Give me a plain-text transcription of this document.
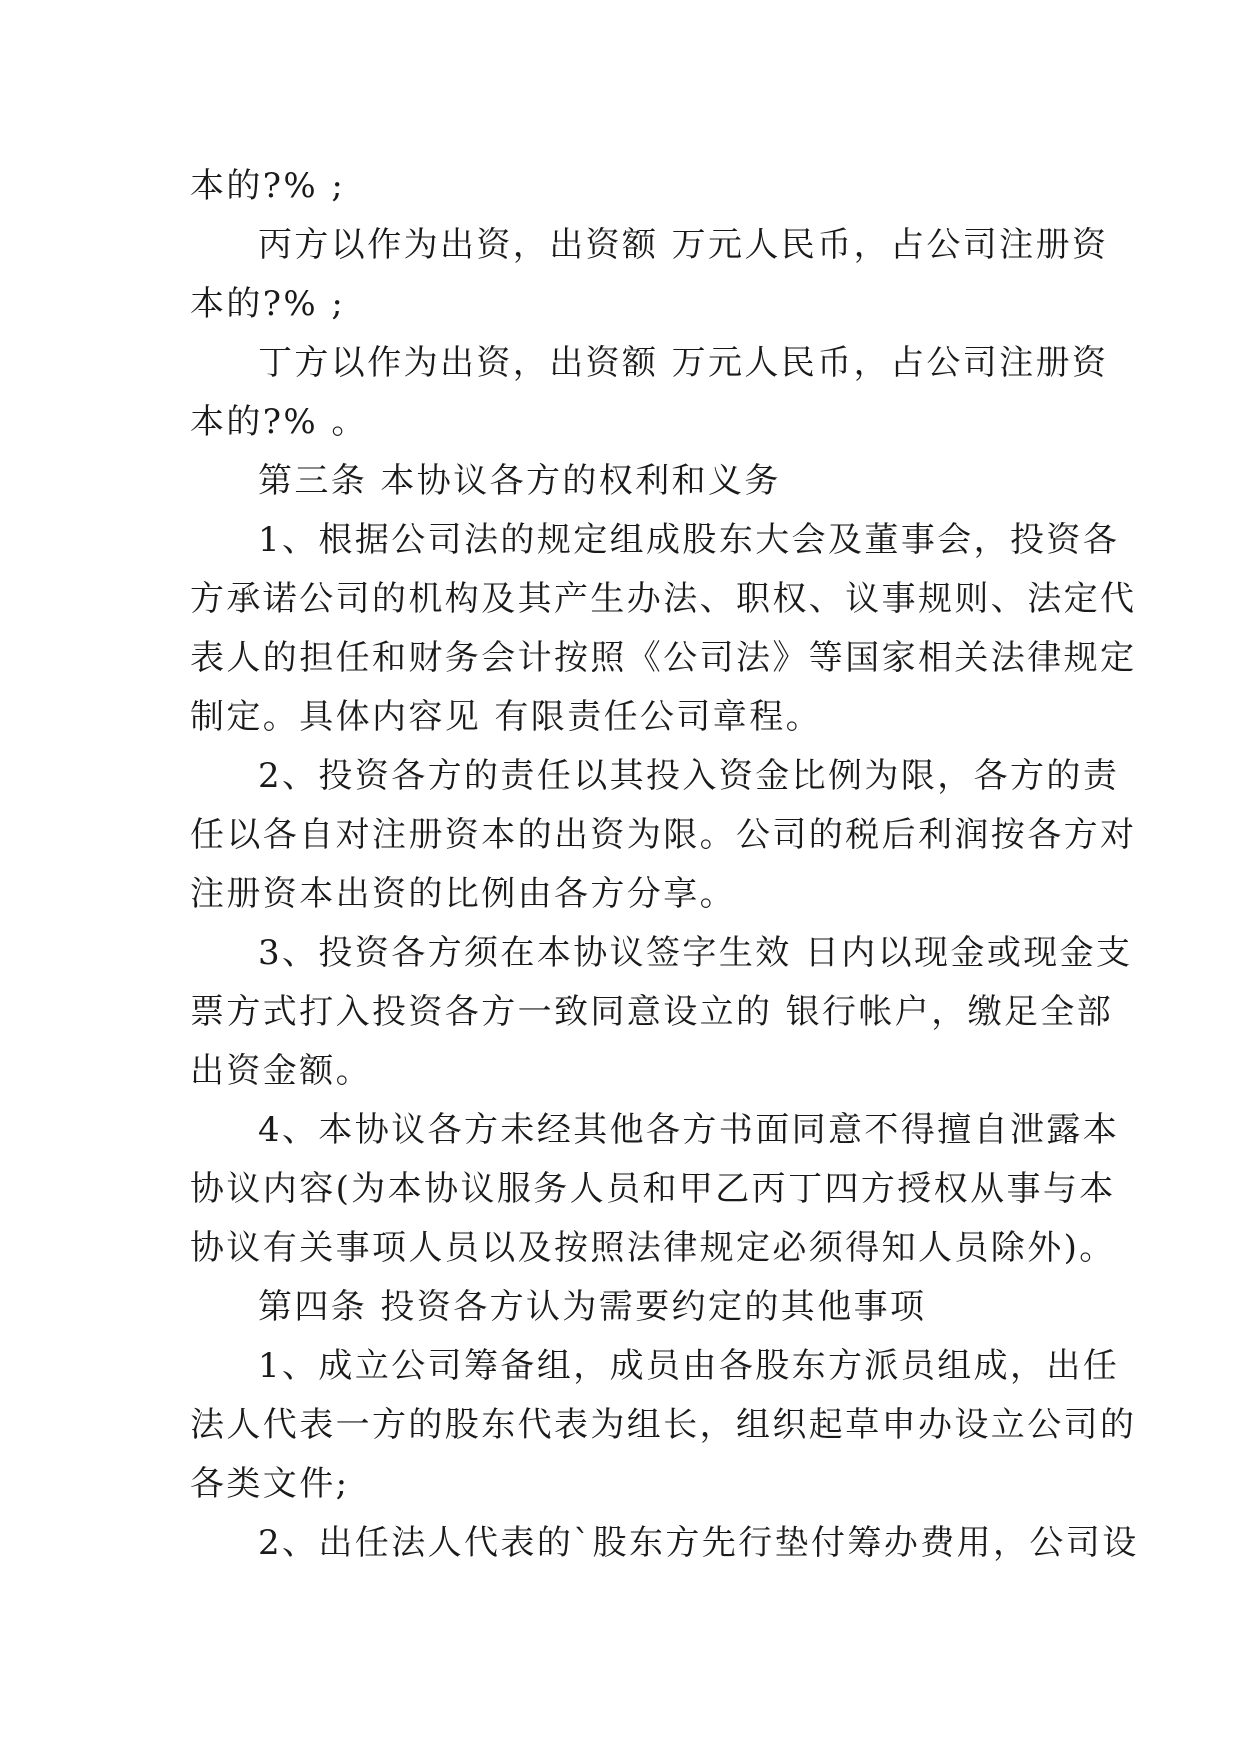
本的?% ;
丙方以作为出资，出资额 万元人民币，占公司注册资
本的?% ;
丁方以作为出资，出资额 万元人民币，占公司注册资
本的?% 。
第三条 本协议各方的权利和义务
1、根据公司法的规定组成股东大会及董事会，投资各
方承诺公司的机构及其产生办法、职权、议事规则、法定代
表人的担任和财务会计按照《公司法》等国家相关法律规定
制定。具体内容见 有限责任公司章程。
2、投资各方的责任以其投入资金比例为限，各方的责
任以各自对注册资本的出资为限。公司的税后利润按各方对
注册资本出资的比例由各方分享。
3、投资各方须在本协议签字生效 日内以现金或现金支
票方式打入投资各方一致同意设立的 银行帐户，缴足全部
出资金额。
4、本协议各方未经其他各方书面同意不得擅自泄露本
协议内容(为本协议服务人员和甲乙丙丁四方授权从事与本
协议有关事项人员以及按照法律规定必须得知人员除外)。
第四条 投资各方认为需要约定的其他事项
1、成立公司筹备组，成员由各股东方派员组成，出任
法人代表一方的股东代表为组长，组织起草申办设立公司的
各类文件;
2、出任法人代表的`股东方先行垫付筹办费用，公司设
